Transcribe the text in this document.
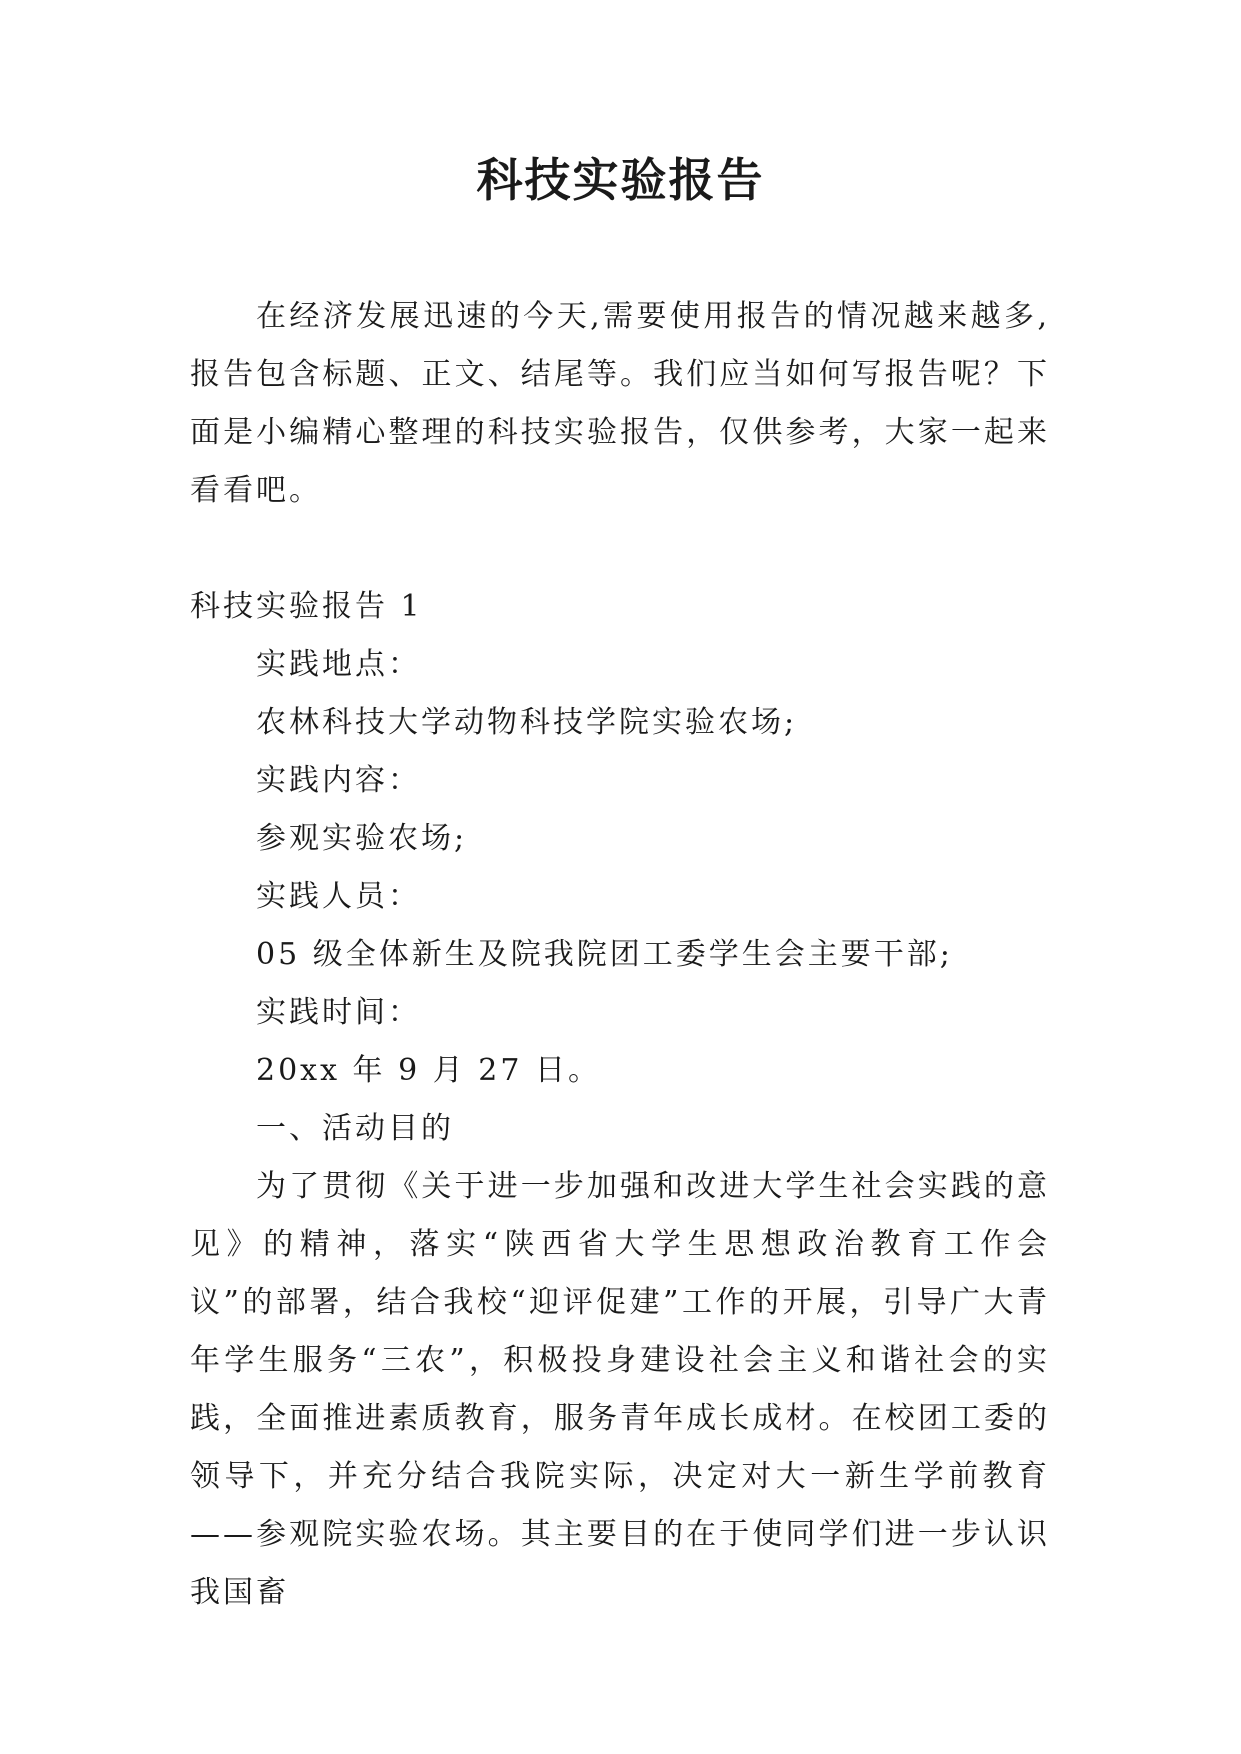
科技实验报告

在经济发展迅速的今天,需要使用报告的情况越来越多,报告包含标题、正文、结尾等。我们应当如何写报告呢？下面是小编精心整理的科技实验报告，仅供参考，大家一起来看看吧。

科技实验报告 1

实践地点：

农林科技大学动物科技学院实验农场;

实践内容：

参观实验农场;

实践人员：

05 级全体新生及院我院团工委学生会主要干部;

实践时间：

20xx 年 9 月 27 日。

一、活动目的

为了贯彻《关于进一步加强和改进大学生社会实践的意见》的精神，落实“陕西省大学生思想政治教育工作会议”的部署，结合我校“迎评促建”工作的开展，引导广大青年学生服务“三农”，积极投身建设社会主义和谐社会的实践，全面推进素质教育，服务青年成长成材。在校团工委的领导下，并充分结合我院实际，决定对大一新生学前教育——参观院实验农场。其主要目的在于使同学们进一步认识我国畜
